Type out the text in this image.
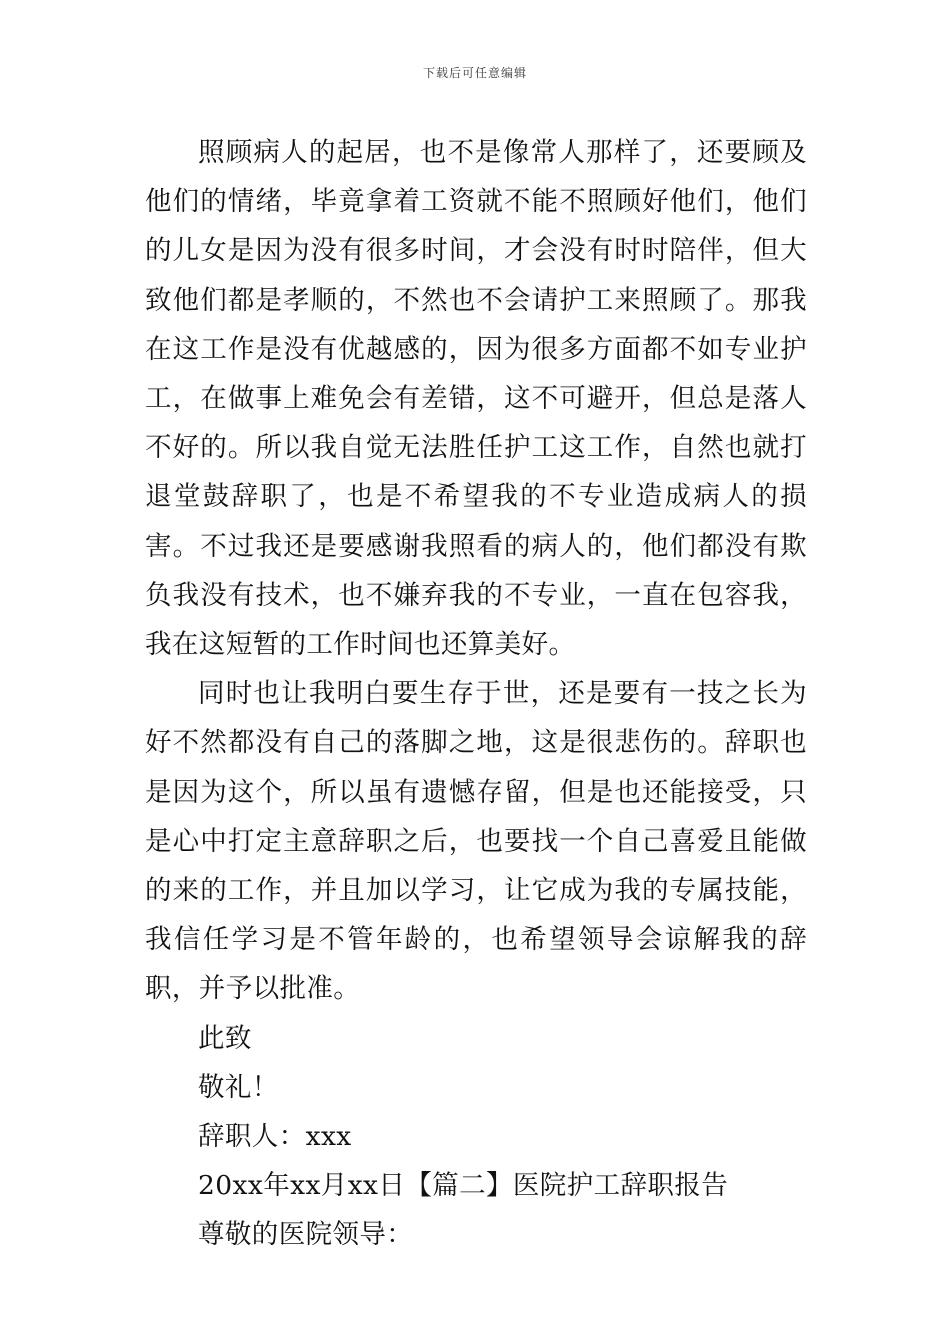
下载后可任意编辑

照顾病人的起居，也不是像常人那样了，还要顾及他们的情绪，毕竟拿着工资就不能不照顾好他们，他们的儿女是因为没有很多时间，才会没有时时陪伴，但大致他们都是孝顺的，不然也不会请护工来照顾了。那我在这工作是没有优越感的，因为很多方面都不如专业护工，在做事上难免会有差错，这不可避开，但总是落人不好的。所以我自觉无法胜任护工这工作，自然也就打退堂鼓辞职了，也是不希望我的不专业造成病人的损害。不过我还是要感谢我照看的病人的，他们都没有欺负我没有技术，也不嫌弃我的不专业，一直在包容我，我在这短暂的工作时间也还算美好。

同时也让我明白要生存于世，还是要有一技之长为好不然都没有自己的落脚之地，这是很悲伤的。辞职也是因为这个，所以虽有遗憾存留，但是也还能接受，只是心中打定主意辞职之后，也要找一个自己喜爱且能做的来的工作，并且加以学习，让它成为我的专属技能，我信任学习是不管年龄的，也希望领导会谅解我的辞职，并予以批准。

此致

敬礼！

辞职人：xxx

20xx年xx月xx日【篇二】医院护工辞职报告

尊敬的医院领导：
